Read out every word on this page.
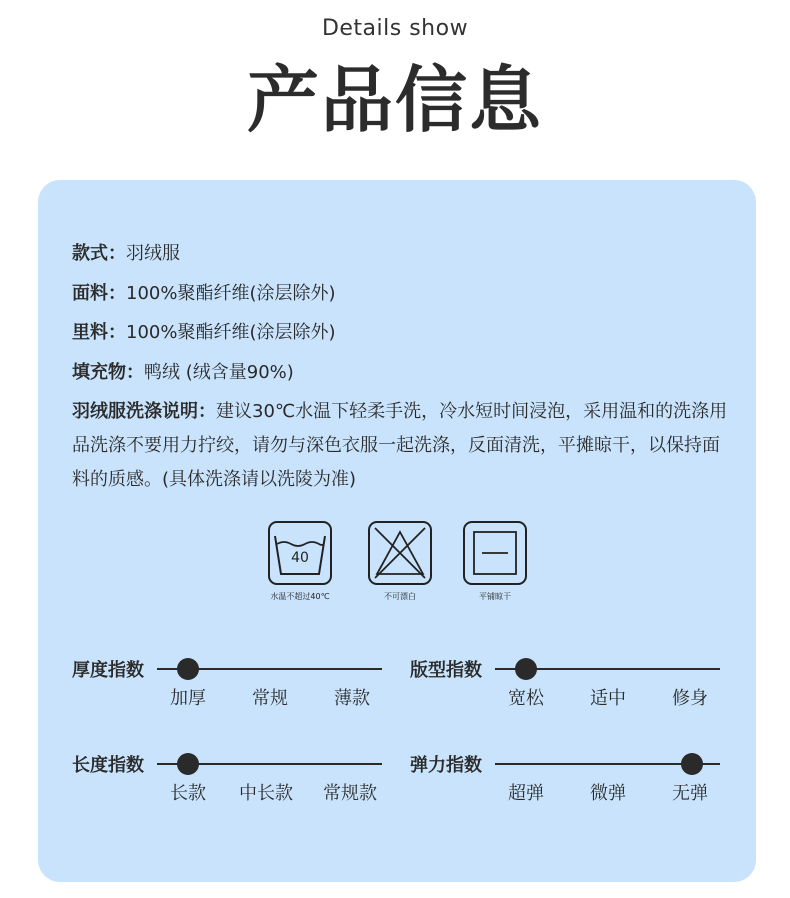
Details show
产品信息
款式：羽绒服
面料：100%聚酯纤维(涂层除外)
里料：100%聚酯纤维(涂层除外)
填充物：鸭绒 (绒含量90%)
羽绒服洗涤说明：建议30℃水温下轻柔手洗，冷水短时间浸泡，采用温和的洗涤用品洗涤不要用力拧绞，请勿与深色衣服一起洗涤，反面清洗，平摊晾干，以保持面料的质感。(具体洗涤请以洗陵为准)
40
水温不超过40℃	不可漂白	平铺晾干
厚度指数
加厚	常规	薄款
版型指数
宽松	适中	修身
长度指数
长款 中长款 常规款
弹力指数
超弹	微弹	无弹
